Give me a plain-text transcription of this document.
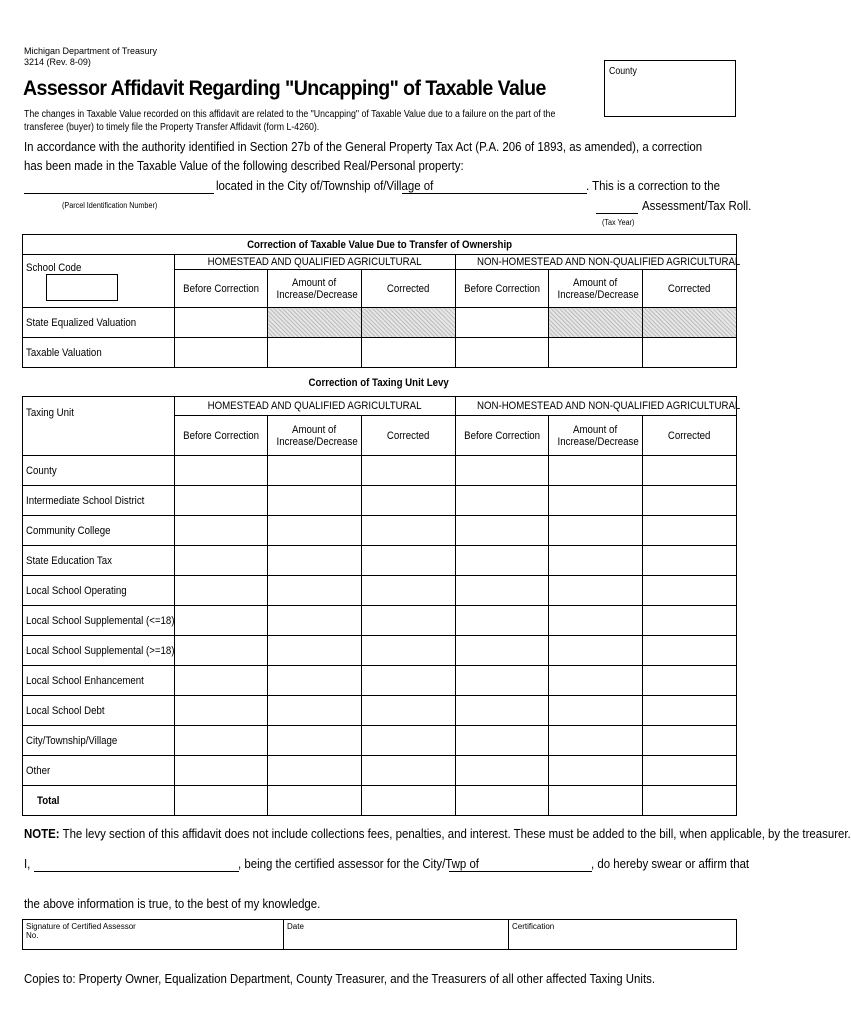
Michigan Department of Treasury
3214 (Rev. 8-09)
Assessor Affidavit Regarding "Uncapping" of Taxable Value
County
The changes in Taxable Value recorded on this affidavit are related to the "Uncapping" of Taxable Value due to a failure on the part of the
transferee (buyer) to timely file the Property Transfer Affidavit (form L-4260).
In accordance with the authority identified in Section 27b of the General Property Tax Act (P.A. 206 of 1893, as amended), a correction
has been made in the Taxable Value of the following described Real/Personal property:
located in the City of/Township of/Village of	. This is a correction to the
(Parcel Identification Number)	Assessment/Tax Roll.
(Tax Year)
Correction of Taxable Value Due to Transfer of Ownership						
School Code	HOMESTEAD AND QUALIFIED AGRICULTURAL			NON-HOMESTEAD AND NON-QUALIFIED AGRICULTURAL		
	Before Correction	Amount of
Increase/Decrease	Corrected	Before Correction	Amount of
Increase/Decrease	Corrected
State Equalized Valuation						
Taxable Valuation						
Correction of Taxing Unit Levy
Taxing Unit	HOMESTEAD AND QUALIFIED AGRICULTURAL			NON-HOMESTEAD AND NON-QUALIFIED AGRICULTURAL		
	Before Correction	Amount of
Increase/Decrease	Corrected	Before Correction	Amount of
Increase/Decrease	Corrected
County						
Intermediate School District						
Community College						
State Education Tax						
Local School Operating						
Local School Supplemental (<=18)						
Local School Supplemental (>=18)						
Local School Enhancement						
Local School Debt						
City/Township/Village						
Other						
Total						
NOTE: The levy section of this affidavit does not include collections fees, penalties, and interest. These must be added to the bill, when applicable, by the treasurer.
I,	, being the certified assessor for the City/Twp of	, do hereby swear or affirm that
the above information is true, to the best of my knowledge.
Signature of Certified Assessor
No.

Date	Certification
Copies to: Property Owner, Equalization Department, County Treasurer, and the Treasurers of all other affected Taxing Units.
